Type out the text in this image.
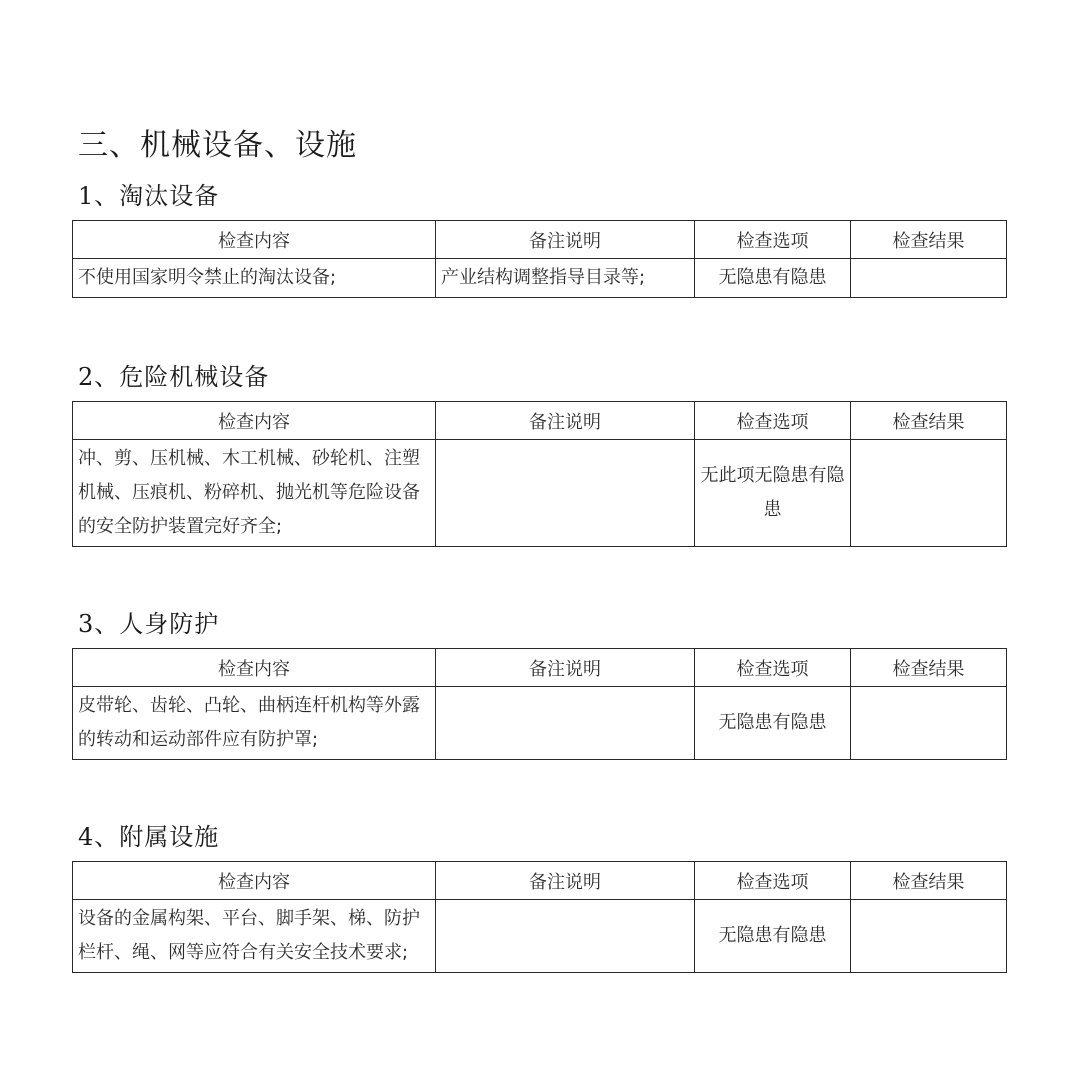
三、机械设备、设施
1、淘汰设备
检查内容	备注说明	检查选项	检查结果
不使用国家明令禁止的淘汰设备;	产业结构调整指导目录等;	无隐患有隐患	
2、危险机械设备
检查内容	备注说明	检查选项	检查结果
冲、剪、压机械、木工机械、砂轮机、注塑机械、压痕机、粉碎机、抛光机等危险设备的安全防护装置完好齐全;		无此项无隐患有隐患	
3、人身防护
检查内容	备注说明	检查选项	检查结果
皮带轮、齿轮、凸轮、曲柄连杆机构等外露的转动和运动部件应有防护罩;		无隐患有隐患	
4、附属设施
检查内容	备注说明	检查选项	检查结果
设备的金属构架、平台、脚手架、梯、防护栏杆、绳、网等应符合有关安全技术要求;		无隐患有隐患	
